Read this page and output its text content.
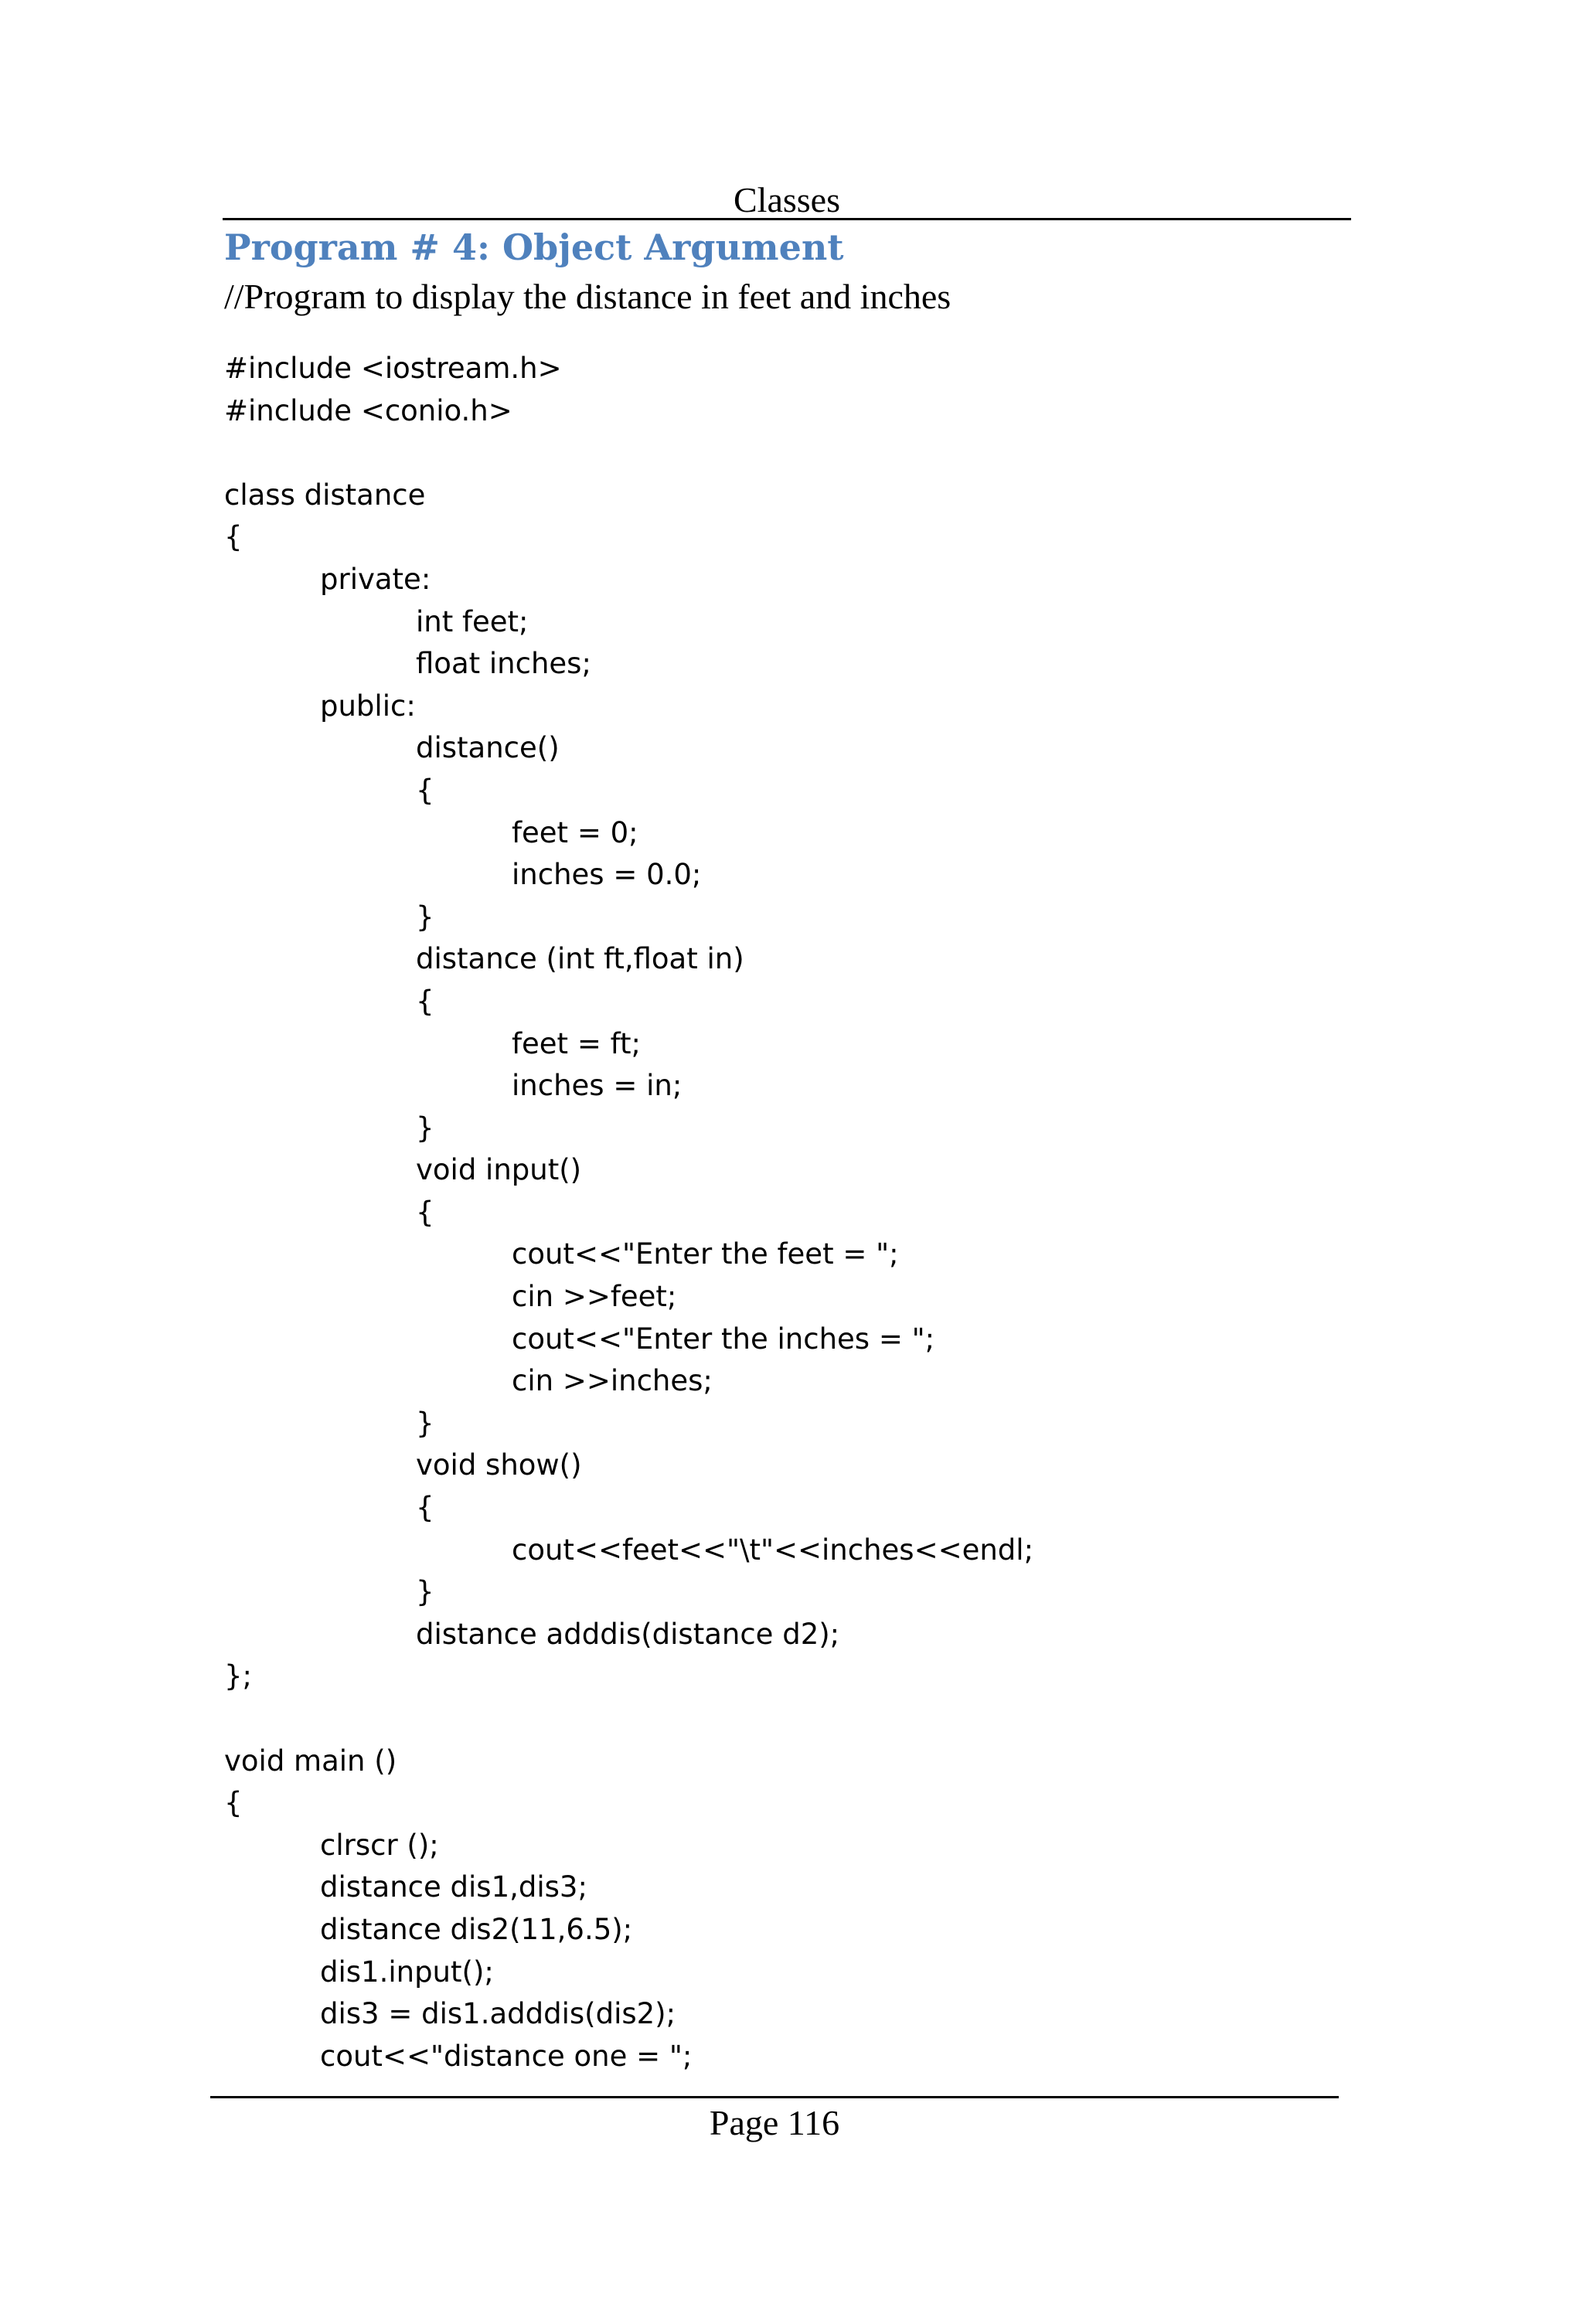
Classes
Program # 4: Object Argument
//Program to display the distance in feet and inches
#include <iostream.h>
#include <conio.h>
class distance
{
private:
int feet;
float inches;
public:
distance()
{
feet = 0;
inches = 0.0;
}
distance (int ft,float in)
{
feet = ft;
inches = in;
}
void input()
{
cout<<"Enter the feet = ";
cin >>feet;
cout<<"Enter the inches = ";
cin >>inches;
}
void show()
{
cout<<feet<<"\t"<<inches<<endl;
}
distance adddis(distance d2);
};
void main ()
{
clrscr ();
distance dis1,dis3;
distance dis2(11,6.5);
dis1.input();
dis3 = dis1.adddis(dis2);
cout<<"distance one = ";
Page 116
